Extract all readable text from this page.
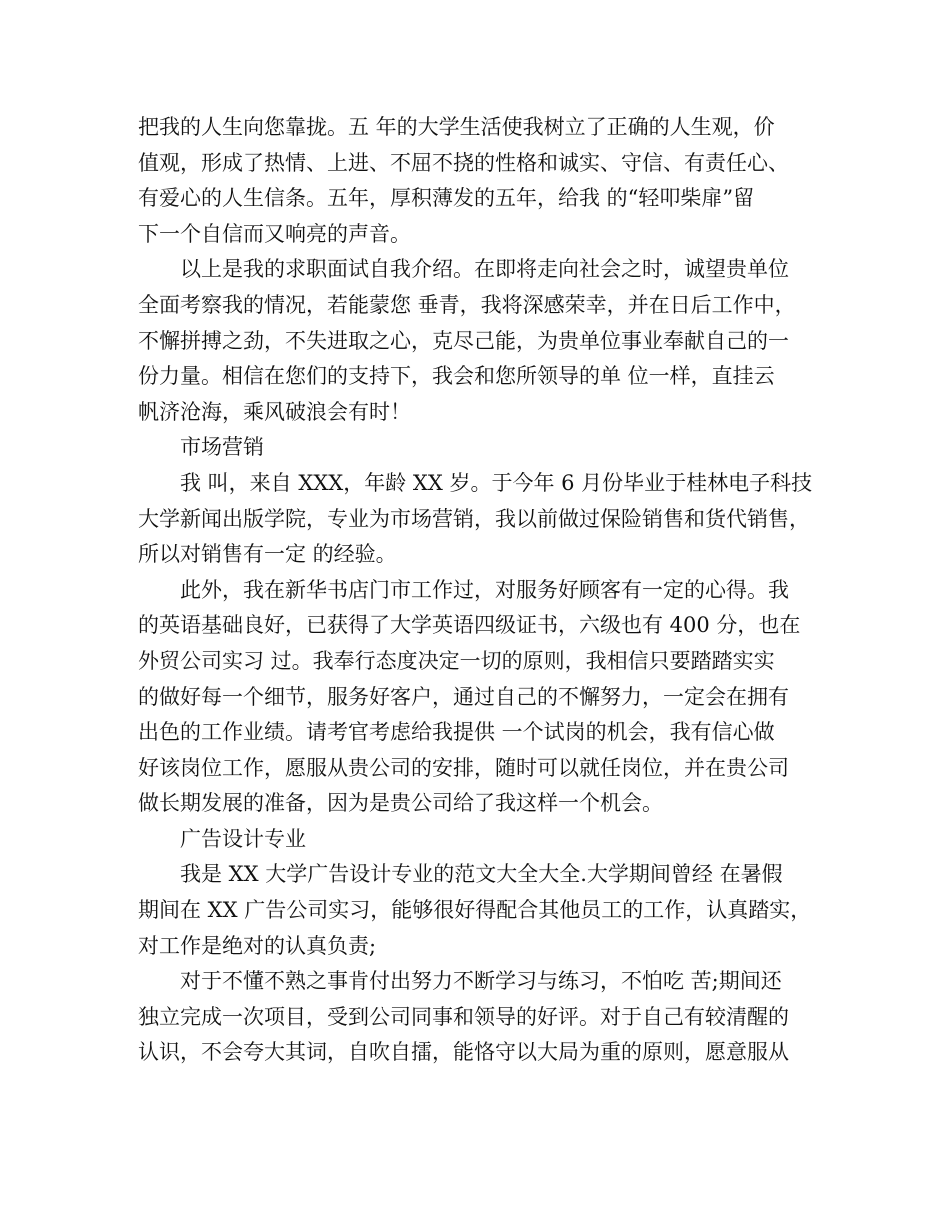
把我的人生向您靠拢。五 年的大学生活使我树立了正确的人生观，价
值观，形成了热情、上进、不屈不挠的性格和诚实、守信、有责任心、
有爱心的人生信条。五年，厚积薄发的五年，给我 的“轻叩柴扉”留
下一个自信而又响亮的声音。
以上是我的求职面试自我介绍。在即将走向社会之时，诚望贵单位
全面考察我的情况，若能蒙您 垂青，我将深感荣幸，并在日后工作中，
不懈拼搏之劲，不失进取之心，克尽己能，为贵单位事业奉献自己的一
份力量。相信在您们的支持下，我会和您所领导的单 位一样，直挂云
帆济沧海，乘风破浪会有时！
市场营销
我 叫，来自 XXX，年龄 XX 岁。于今年 6 月份毕业于桂林电子科技
大学新闻出版学院，专业为市场营销，我以前做过保险销售和货代销售，
所以对销售有一定 的经验。
此外，我在新华书店门市工作过，对服务好顾客有一定的心得。我
的英语基础良好，已获得了大学英语四级证书，六级也有 400 分，也在
外贸公司实习 过。我奉行态度决定一切的原则，我相信只要踏踏实实
的做好每一个细节，服务好客户，通过自己的不懈努力，一定会在拥有
出色的工作业绩。请考官考虑给我提供 一个试岗的机会，我有信心做
好该岗位工作，愿服从贵公司的安排，随时可以就任岗位，并在贵公司
做长期发展的准备，因为是贵公司给了我这样一个机会。
广告设计专业
我是 XX 大学广告设计专业的范文大全大全.大学期间曾经 在暑假
期间在 XX 广告公司实习，能够很好得配合其他员工的工作，认真踏实，
对工作是绝对的认真负责;
对于不懂不熟之事肯付出努力不断学习与练习，不怕吃 苦;期间还
独立完成一次项目，受到公司同事和领导的好评。对于自己有较清醒的
认识，不会夸大其词，自吹自擂，能恪守以大局为重的原则，愿意服从
